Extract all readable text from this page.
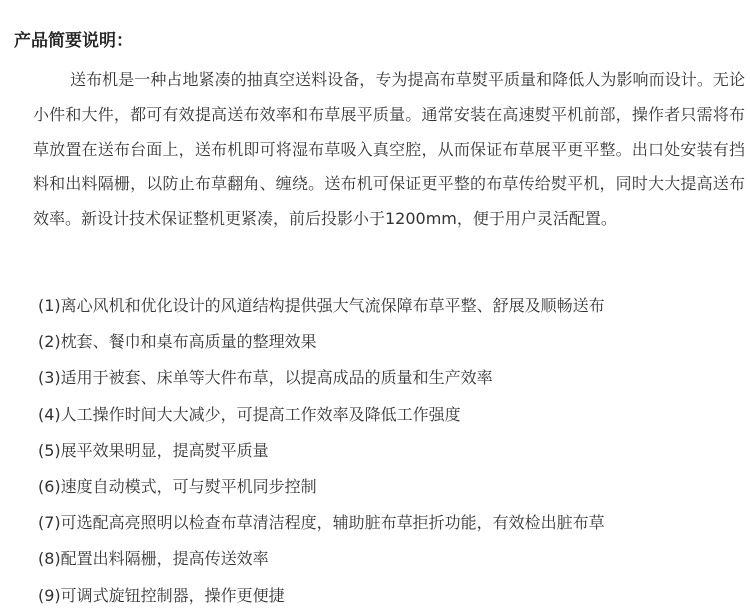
产品简要说明：

送布机是一种占地紧凑的抽真空送料设备，专为提高布草熨平质量和降低人为影响而设计。无论小件和大件，都可有效提高送布效率和布草展平质量。通常安装在高速熨平机前部，操作者只需将布草放置在送布台面上，送布机即可将湿布草吸入真空腔，从而保证布草展平更平整。出口处安装有挡料和出料隔栅，以防止布草翻角、缠绕。送布机可保证更平整的布草传给熨平机，同时大大提高送布效率。新设计技术保证整机更紧凑，前后投影小于1200mm，便于用户灵活配置。

(1)离心风机和优化设计的风道结构提供强大气流保障布草平整、舒展及顺畅送布
(2)枕套、餐巾和桌布高质量的整理效果
(3)适用于被套、床单等大件布草，以提高成品的质量和生产效率
(4)人工操作时间大大减少，可提高工作效率及降低工作强度
(5)展平效果明显，提高熨平质量
(6)速度自动模式，可与熨平机同步控制
(7)可选配高亮照明以检查布草清洁程度，辅助脏布草拒折功能，有效检出脏布草
(8)配置出料隔栅，提高传送效率
(9)可调式旋钮控制器，操作更便捷
